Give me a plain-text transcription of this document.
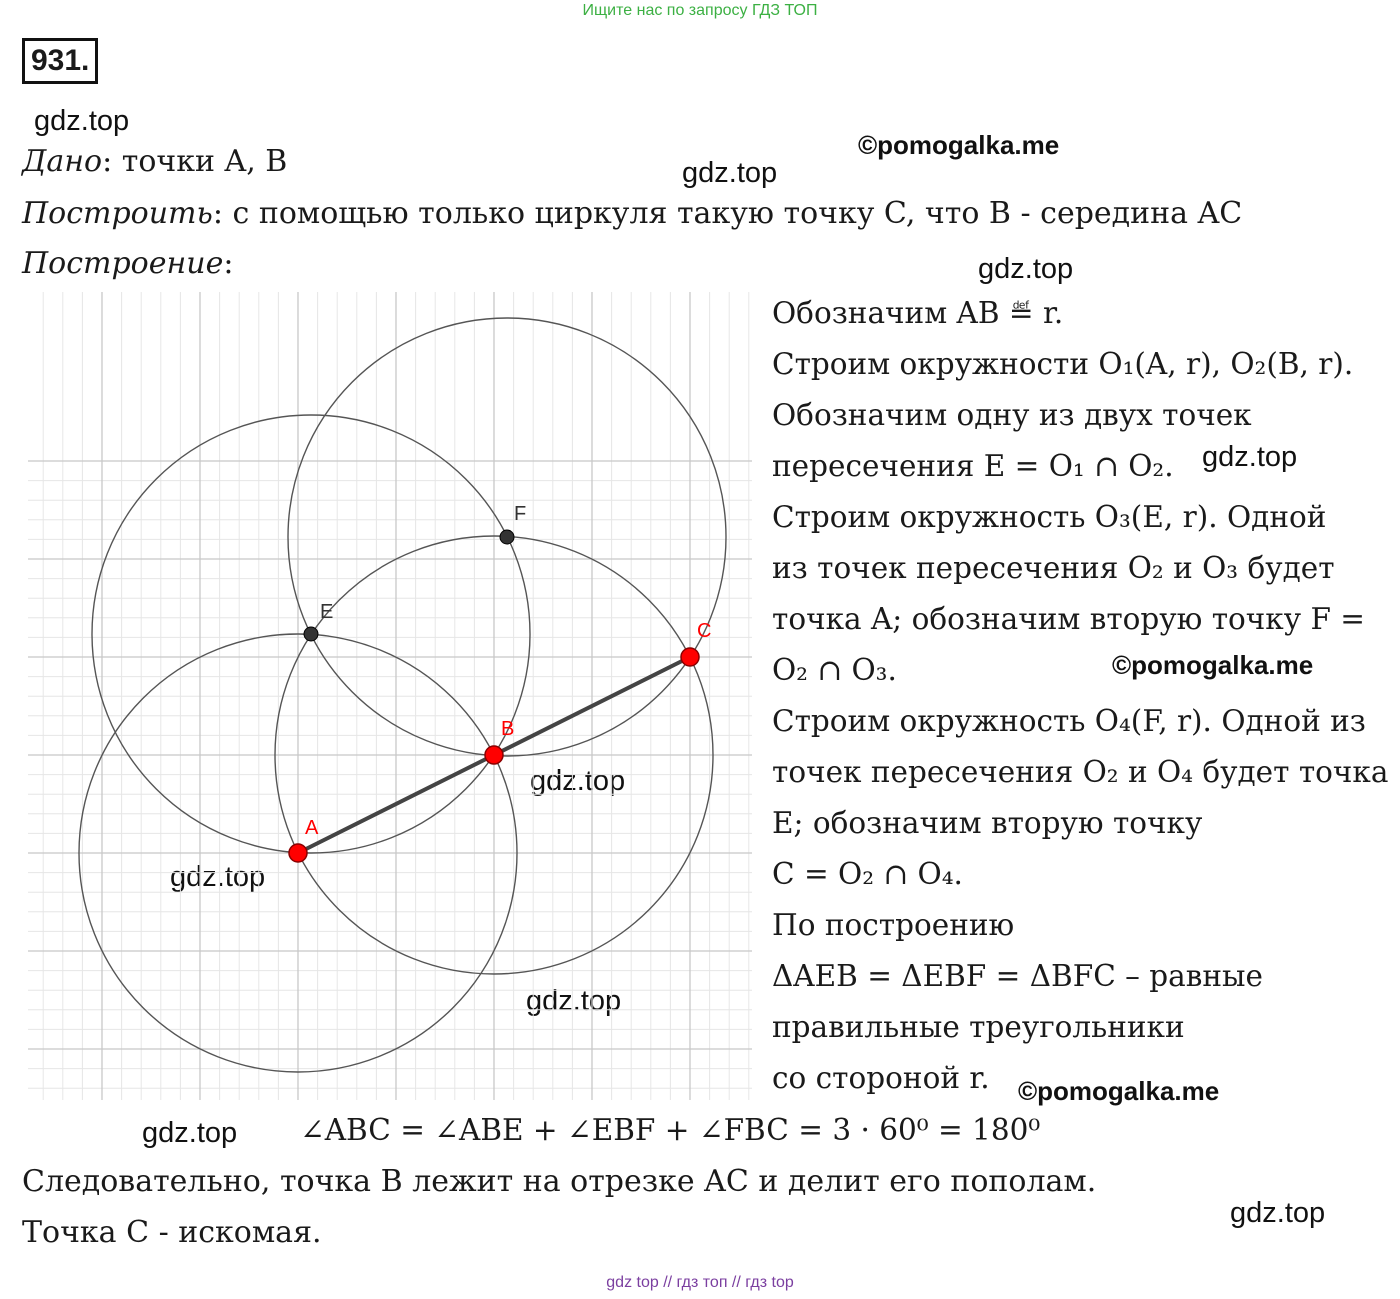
Ищите нас по запросу ГДЗ ТОП
931.
gdz.top
gdz.top
gdz.top
gdz.top
gdz.top
gdz.top
gdz.top
gdz.top
gdz.top
©pomogalka.me
©pomogalka.me
©pomogalka.me
Дано: точки A, B
Построить: с помощью только циркуля такую точку C, что B - середина AC
Построение:
A
B
C
E
F
Обозначим AB ≝ r.
Строим окружности O₁(A, r), O₂(B, r).
Обозначим одну из двух точек
пересечения E = O₁ ∩ O₂.
Строим окружность O₃(E, r). Одной
из точек пересечения O₂ и O₃ будет
точка A; обозначим вторую точку F =
O₂ ∩ O₃.
Строим окружность O₄(F, r). Одной из
точек пересечения O₂ и O₄ будет точка
E; обозначим вторую точку
C = O₂ ∩ O₄.
По построению
ΔAEB = ΔEBF = ΔBFC – равные
правильные треугольники
со стороной r.
∠ABC = ∠ABE + ∠EBF + ∠FBC = 3 · 60⁰ = 180⁰
Следовательно, точка B лежит на отрезке AC и делит его пополам.
Точка C - искомая.
gdz top // гдз топ // гдз top
